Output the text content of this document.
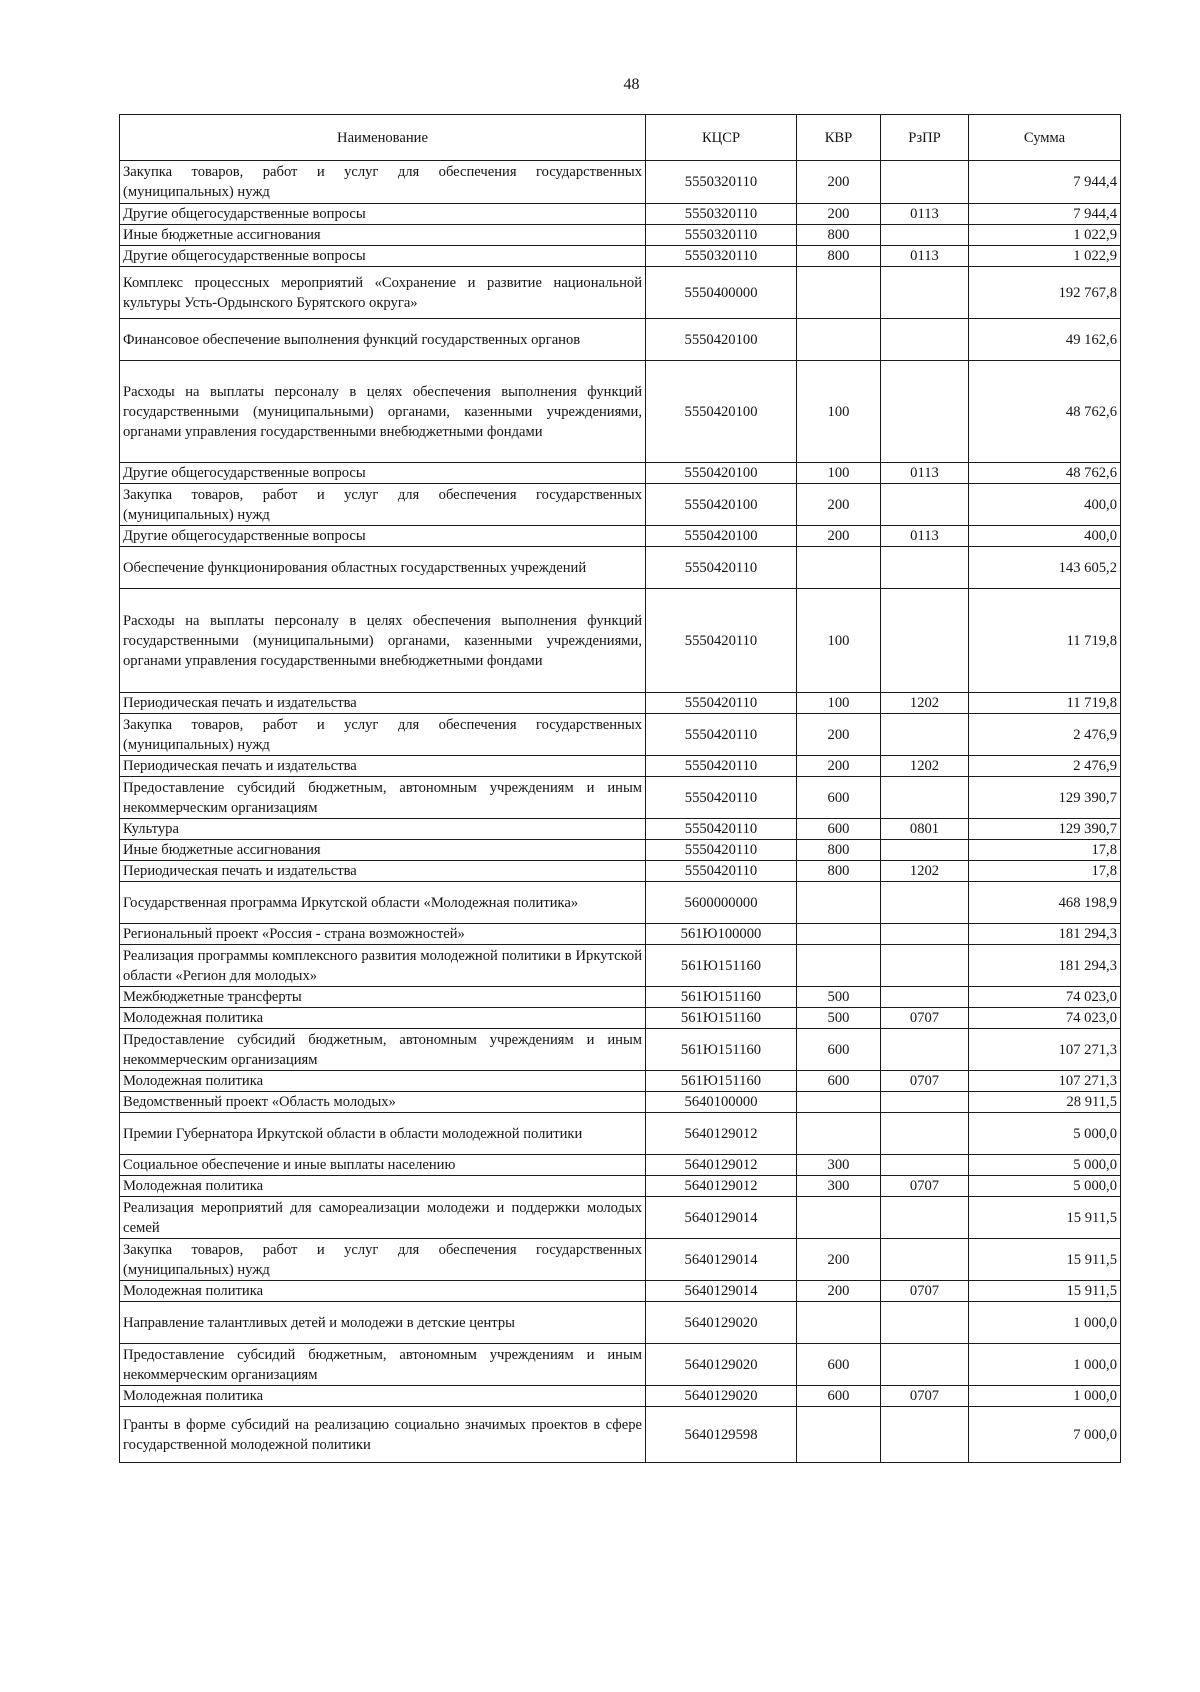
48
Наименование	КЦСР	КВР	РзПР	Сумма
Закупка товаров, работ и услуг для обеспечения государственных (муниципальных) нужд	5550320110	200		7 944,4
Другие общегосударственные вопросы	5550320110	200	0113	7 944,4
Иные бюджетные ассигнования	5550320110	800		1 022,9
Другие общегосударственные вопросы	5550320110	800	0113	1 022,9
Комплекс процессных мероприятий «Сохранение и развитие национальной культуры Усть-Ордынского Бурятского округа»	5550400000			192 767,8
Финансовое обеспечение выполнения функций государственных органов	5550420100			49 162,6
Расходы на выплаты персоналу в целях обеспечения выполнения функций государственными (муниципальными) органами, казенными учреждениями, органами управления государственными внебюджетными фондами	5550420100	100		48 762,6
Другие общегосударственные вопросы	5550420100	100	0113	48 762,6
Закупка товаров, работ и услуг для обеспечения государственных (муниципальных) нужд	5550420100	200		400,0
Другие общегосударственные вопросы	5550420100	200	0113	400,0
Обеспечение функционирования областных государственных учреждений	5550420110			143 605,2
Расходы на выплаты персоналу в целях обеспечения выполнения функций государственными (муниципальными) органами, казенными учреждениями, органами управления государственными внебюджетными фондами	5550420110	100		11 719,8
Периодическая печать и издательства	5550420110	100	1202	11 719,8
Закупка товаров, работ и услуг для обеспечения государственных (муниципальных) нужд	5550420110	200		2 476,9
Периодическая печать и издательства	5550420110	200	1202	2 476,9
Предоставление субсидий бюджетным, автономным учреждениям и иным некоммерческим организациям	5550420110	600		129 390,7
Культура	5550420110	600	0801	129 390,7
Иные бюджетные ассигнования	5550420110	800		17,8
Периодическая печать и издательства	5550420110	800	1202	17,8
Государственная программа Иркутской области «Молодежная политика»	5600000000			468 198,9
Региональный проект «Россия - страна возможностей»	561Ю100000			181 294,3
Реализация программы комплексного развития молодежной политики в Иркутской области «Регион для молодых»	561Ю151160			181 294,3
Межбюджетные трансферты	561Ю151160	500		74 023,0
Молодежная политика	561Ю151160	500	0707	74 023,0
Предоставление субсидий бюджетным, автономным учреждениям и иным некоммерческим организациям	561Ю151160	600		107 271,3
Молодежная политика	561Ю151160	600	0707	107 271,3
Ведомственный проект «Область молодых»	5640100000			28 911,5
Премии Губернатора Иркутской области в области молодежной политики	5640129012			5 000,0
Социальное обеспечение и иные выплаты населению	5640129012	300		5 000,0
Молодежная политика	5640129012	300	0707	5 000,0
Реализация мероприятий для самореализации молодежи и поддержки молодых семей	5640129014			15 911,5
Закупка товаров, работ и услуг для обеспечения государственных (муниципальных) нужд	5640129014	200		15 911,5
Молодежная политика	5640129014	200	0707	15 911,5
Направление талантливых детей и молодежи в детские центры	5640129020			1 000,0
Предоставление субсидий бюджетным, автономным учреждениям и иным некоммерческим организациям	5640129020	600		1 000,0
Молодежная политика	5640129020	600	0707	1 000,0
Гранты в форме субсидий на реализацию социально значимых проектов в сфере государственной молодежной политики	5640129598			7 000,0
